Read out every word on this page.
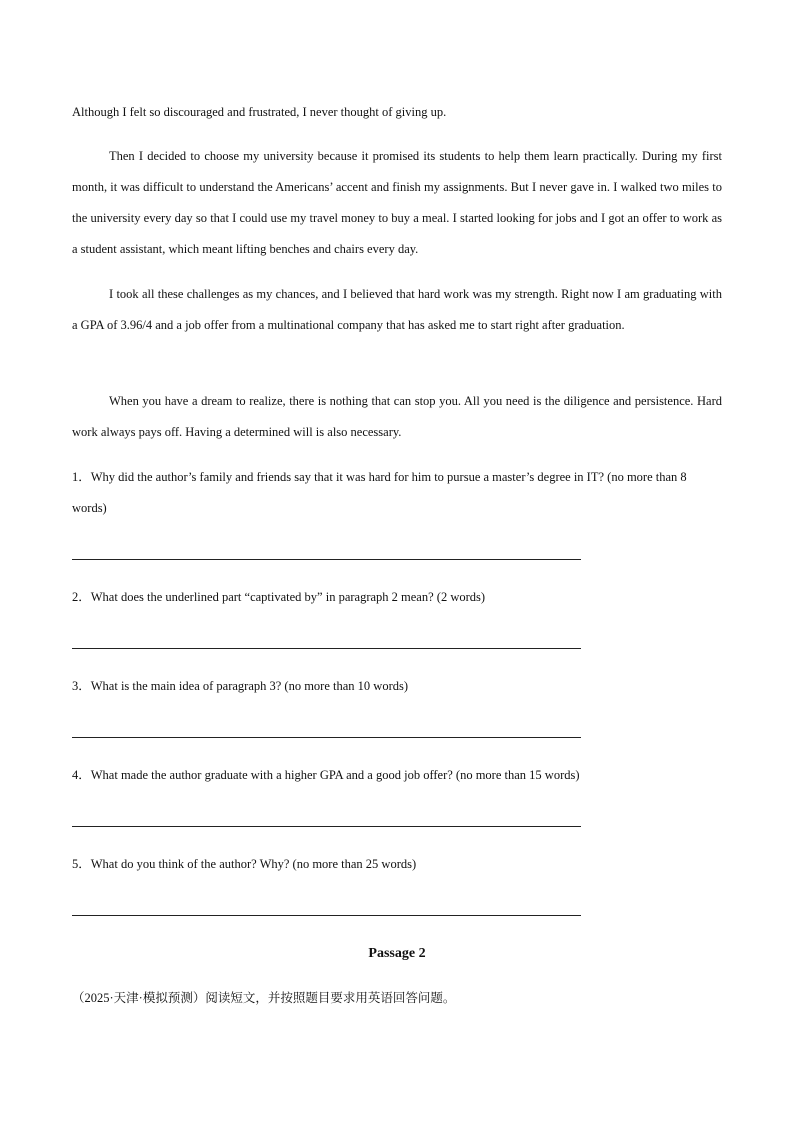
Although I felt so discouraged and frustrated, I never thought of giving up.

Then I decided to choose my university because it promised its students to help them learn practically. During my first month, it was difficult to understand the Americans’ accent and finish my assignments. But I never gave in. I walked two miles to the university every day so that I could use my travel money to buy a meal. I started looking for jobs and I got an offer to work as a student assistant, which meant lifting benches and chairs every day.

I took all these challenges as my chances, and I believed that hard work was my strength. Right now I am graduating with a GPA of 3.96/4 and a job offer from a multinational company that has asked me to start right after graduation.

When you have a dream to realize, there is nothing that can stop you. All you need is the diligence and persistence. Hard work always pays off. Having a determined will is also necessary.

1．Why did the author’s family and friends say that it was hard for him to pursue a master’s degree in IT? (no more than 8 words)

2．What does the underlined part “captivated by” in paragraph 2 mean? (2 words)

3．What is the main idea of paragraph 3? (no more than 10 words)

4．What made the author graduate with a higher GPA and a good job offer? (no more than 15 words)

5．What do you think of the author? Why? (no more than 25 words)

Passage 2

（2025·天津·模拟预测）阅读短文，并按照题目要求用英语回答问题。
